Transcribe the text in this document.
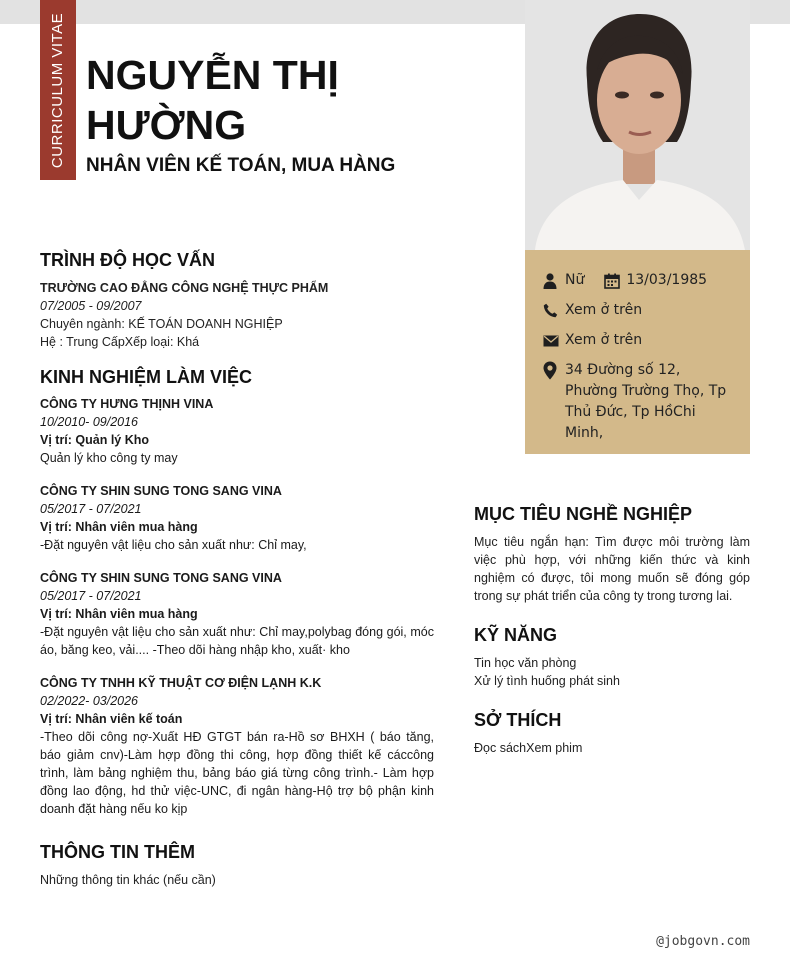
CURRICULUM VITAE NGUYỄN THỊ
HƯỜNG
NHÂN VIÊN KẾ TOÁN, MUA HÀNG
Nữ	13/03/1985
Xem ở trên
Xem ở trên
34 Đường số 12, Phường Trường Thọ, Tp Thủ Đức, Tp HồChi Minh,
TRÌNH ĐỘ HỌC VẤN
TRƯỜNG CAO ĐẲNG CÔNG NGHỆ THỰC PHẨM
07/2005 - 09/2007
Chuyên ngành: KẾ TOÁN DOANH NGHIỆP
Hệ : Trung CấpXếp loại: Khá
KINH NGHIỆM LÀM VIỆC
CÔNG TY HƯNG THỊNH VINA
10/2010- 09/2016
Vị trí: Quản lý Kho
Quản lý kho công ty may
CÔNG TY SHIN SUNG TONG SANG VINA
05/2017 - 07/2021
Vị trí: Nhân viên mua hàng
-Đặt nguyên vật liệu cho sản xuất như: Chỉ may,
CÔNG TY SHIN SUNG TONG SANG VINA
05/2017 - 07/2021
Vị trí: Nhân viên mua hàng
-Đặt nguyên vật liệu cho sản xuất như: Chỉ may,polybag đóng gói, móc áo, băng keo, vải.... -Theo dõi hàng nhập kho, xuất· kho
CÔNG TY TNHH KỸ THUẬT CƠ ĐIỆN LẠNH K.K
02/2022- 03/2026
Vị trí: Nhân viên kế toán
-Theo dõi công nợ-Xuất HĐ GTGT bán ra-Hồ sơ BHXH ( báo tăng, báo giảm cnv)-Làm hợp đồng thi công, hợp đồng thiết kế cáccông trình, làm bảng nghiệm thu, bảng báo giá từng công trình.- Làm hợp đồng lao động, hd thử việc-UNC, đi ngân hàng-Hộ trợ bộ phận kinh doanh đặt hàng nếu ko kịp
THÔNG TIN THÊM
Những thông tin khác (nếu cần)
MỤC TIÊU NGHỀ NGHIỆP
Mục tiêu ngắn hạn: Tìm được môi trường làm việc phù hợp, với những kiến thức và kinh nghiệm có được, tôi mong muốn sẽ đóng góp trong sự phát triển của công ty trong tương lai.
KỸ NĂNG
Tin học văn phòng
Xử lý tình huống phát sinh
SỞ THÍCH
Đọc sáchXem phim
@jobgovn.com
